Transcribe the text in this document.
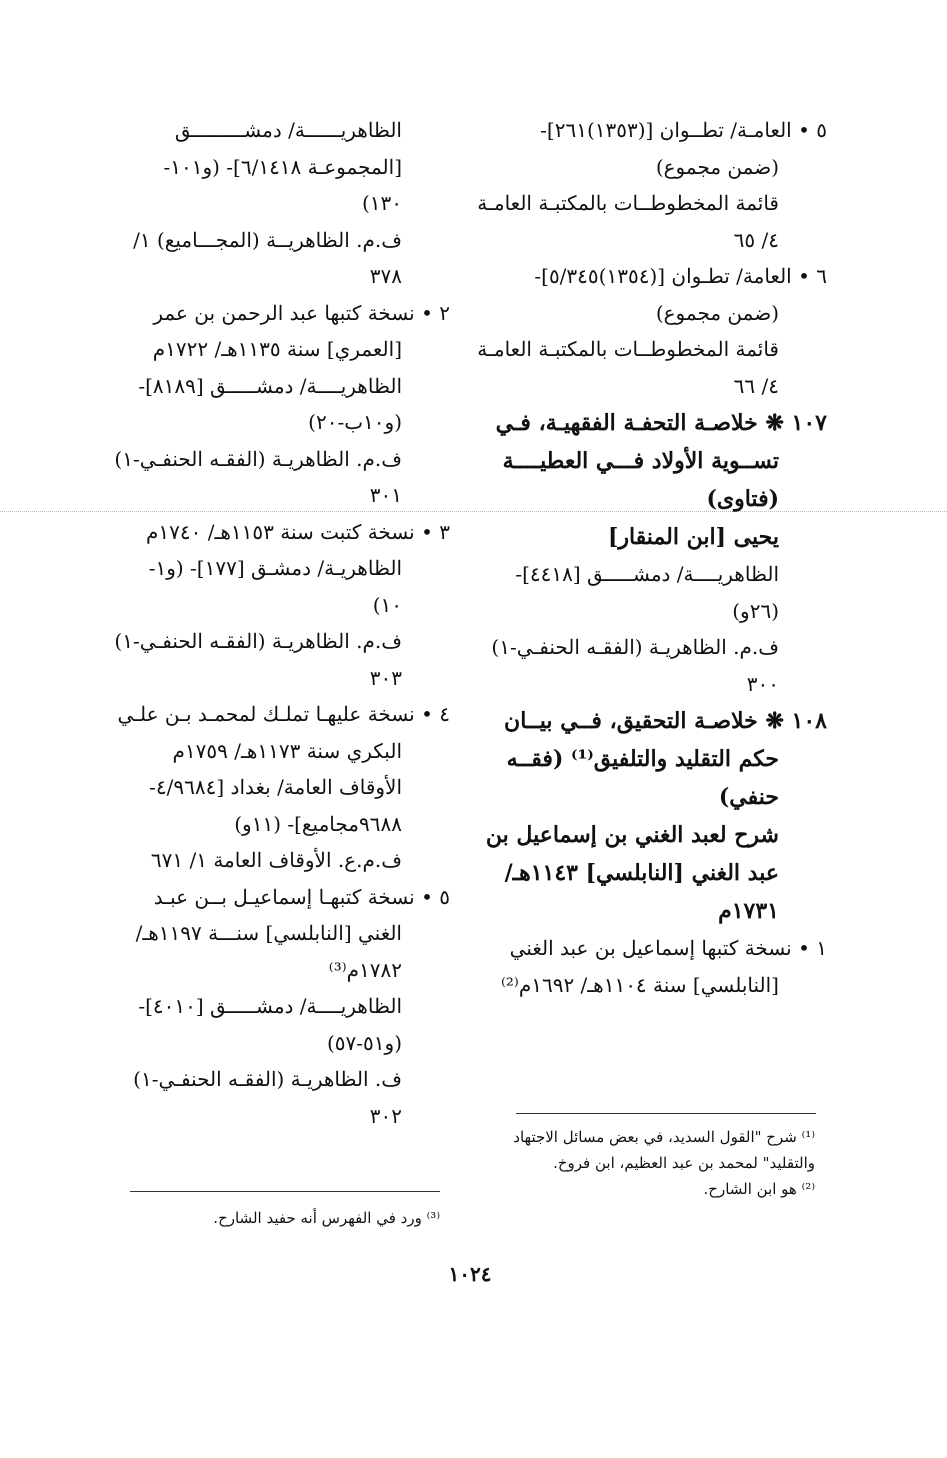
٥ • العامـة/ تطــوان [(١٣٥٣)٢٦١]-
(ضمن مجموع)
قائمة المخطوطــات بالمكتبـة العامـة
٤/ ٦٥
٦ • العامة/ تطـوان [(١٣٥٤)٥/٣٤٥]-
(ضمن مجموع)
قائمة المخطوطــات بالمكتبـة العامـة
٤/ ٦٦
١٠٧ ❋ خلاصـة التحفـة الفقهيـة، فـي
تســوية الأولاد فـــي العطيــــة
(فتاوى)
يحيى [ابن المنقار]
الظاهريــــة/ دمشـــــق [٤٤١٨]-
(٢٦و)
ف.م. الظاهريـة (الفقـه الحنفـي-١)
٣٠٠
١٠٨ ❋ خلاصـة التحقيق، فــي بيــان
حكم التقليد والتلفيق⁽¹⁾ (فقــه
حنفي)
شرح لعبد الغني بن إسماعيل بن
عبد الغني [النابلسي] ١١٤٣هـ/
١٧٣١م
١ • نسخة كتبها إسماعيل بن عبد الغني
[النابلسي] سنة ١١٠٤هـ/ ١٦٩٢م⁽²⁾
الظاهريــــــة/ دمشـــــــــق
[المجموعـة ٦/١٤١٨]- (و١٠١-
١٣٠)
ف.م. الظاهريــة (المجـــاميع) ١/
٣٧٨
٢ • نسخة كتبها عبد الرحمن بن عمر
[العمري] سنة ١١٣٥هـ/ ١٧٢٢م
الظاهريــــة/ دمشـــــق [٨١٨٩]-
(و١٠ب-٢٠)
ف.م. الظاهريـة (الفقـه الحنفـي-١)
٣٠١
٣ • نسخة كتبت سنة ١١٥٣هـ/ ١٧٤٠م
الظاهريـة/ دمشـق [١٧٧]- (و١-
١٠)
ف.م. الظاهريـة (الفقـه الحنفـي-١)
٣٠٣
٤ • نسخة عليهـا تملـك لمحمـد بـن علـي
البكري سنة ١١٧٣هـ/ ١٧٥٩م
الأوقاف العامة/ بغداد [٤/٩٦٨٤-
٩٦٨٨مجاميع]- (١١و)
ف.م.ع. الأوقاف العامة ١/ ٦٧١
٥ • نسخة كتبهـا إسماعيـل بــن عبـد
الغني [النابلسي] سنـــة ١١٩٧هـ/
١٧٨٢م⁽³⁾
الظاهريــــة/ دمشـــــق [٤٠١٠]-
(و٥١-٥٧)
ف. الظاهريـة (الفقـه الحنفـي-١)
٣٠٢
⁽¹⁾ شرح "القول السديد، في بعض مسائل الاجتهاد
والتقليد" لمحمد بن عبد العظيم، ابن فروخ.
⁽²⁾ هو ابن الشارح.
⁽³⁾ ورد في الفهرس أنه حفيد الشارح.
١٠٢٤
